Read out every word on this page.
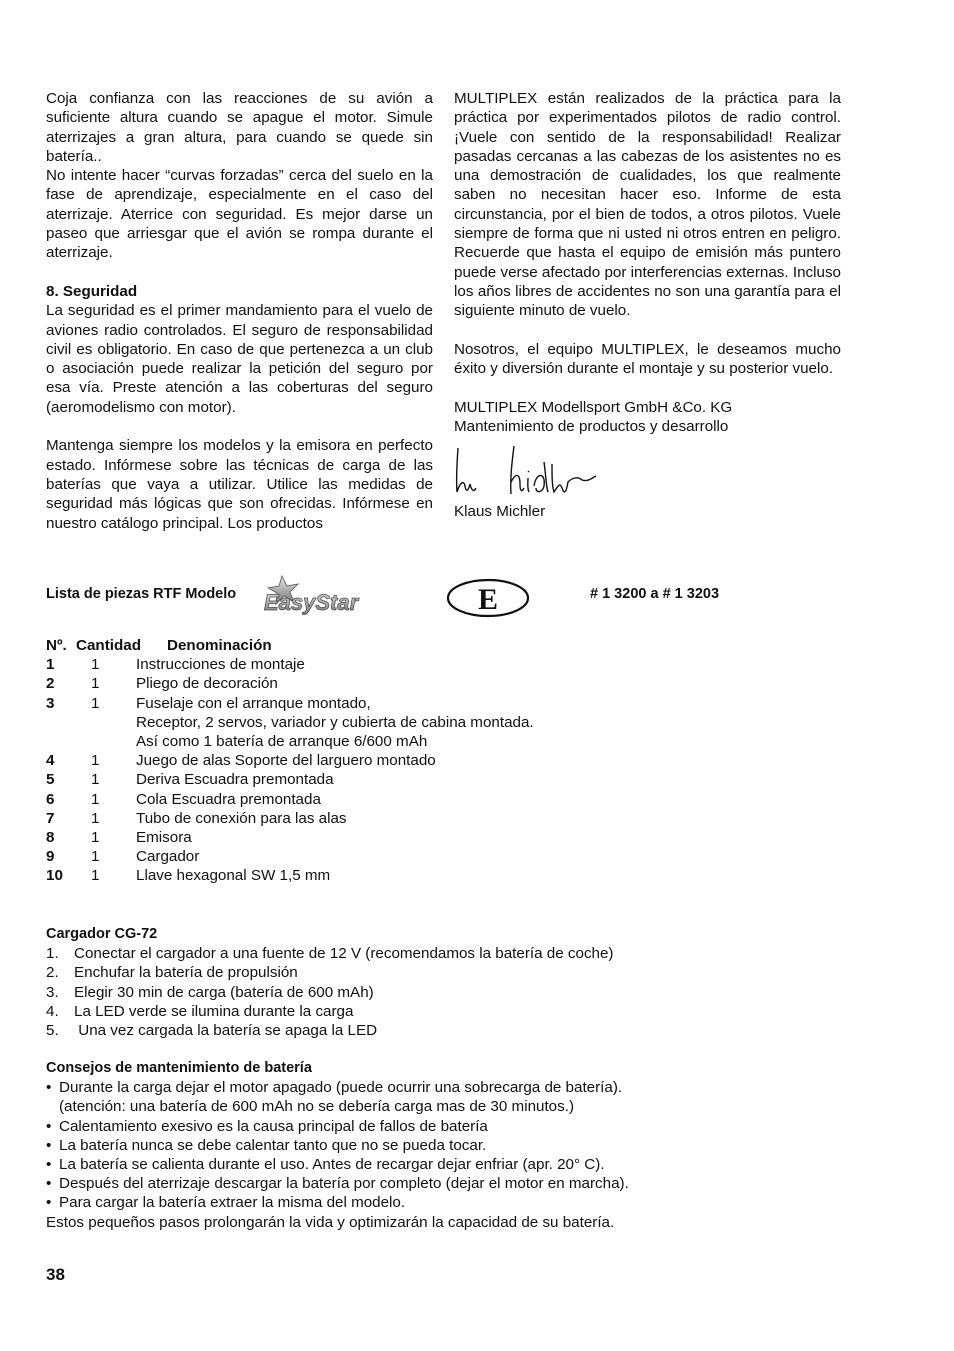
Coja confianza con las reacciones de su avión a suficiente altura cuando se apague el motor. Simule aterrizajes a gran altura, para cuando se quede sin batería..

No intente hacer “curvas forzadas” cerca del suelo en la fase de aprendizaje, especialmente en el caso del aterrizaje. Aterrice con seguridad. Es mejor darse un paseo que arriesgar que el avión se rompa durante el aterrizaje.

8. Seguridad

La seguridad es el primer mandamiento para el vuelo de aviones radio controlados. El seguro de responsabilidad civil es obligatorio. En caso de que pertenezca a un club o asociación puede realizar la petición del seguro por esa vía. Preste atención a las coberturas del seguro (aeromodelismo con motor).

Mantenga siempre los modelos y la emisora en perfecto estado. Infórmese sobre las técnicas de carga de las baterías que vaya a utilizar. Utilice las medidas de seguridad más lógicas que son ofrecidas. Infórmese en nuestro catálogo principal. Los productos

MULTIPLEX están realizados de la práctica para la práctica por experimentados pilotos de radio control. ¡Vuele con sentido de la responsabilidad! Realizar pasadas cercanas a las cabezas de los asistentes no es una demostración de cualidades, los que realmente saben no necesitan hacer eso. Informe de esta circunstancia, por el bien de todos, a otros pilotos. Vuele siempre de forma que ni usted ni otros entren en peligro. Recuerde que hasta el equipo de emisión más puntero puede verse afectado por interferencias externas. Incluso los años libres de accidentes no son una garantía para el siguiente minuto de vuelo.

Nosotros, el equipo MULTIPLEX, le deseamos mucho éxito y diversión durante el montaje y su posterior vuelo.

MULTIPLEX Modellsport GmbH &Co. KG

Mantenimiento de productos y desarrollo

Klaus Michler

Lista de piezas RTF Modelo EasyStar	E	# 1 3200 a # 1 3203
Nº. Cantidad	Denominación
1	1	Instrucciones de montaje
2	1	Pliego de decoración
3	1	Fuselaje con el arranque montado,
Receptor, 2 servos, variador y cubierta de cabina montada.
Así como 1 batería de arranque 6/600 mAh
4	1	Juego de alas Soporte del larguero montado
5	1	Deriva Escuadra premontada
6	1	Cola Escuadra premontada
7	1	Tubo de conexión para las alas
8	1	Emisora
9	1	Cargador
10	1	Llave hexagonal SW 1,5 mm
Cargador CG-72
1.	Conectar el cargador a una fuente de 12 V (recomendamos la batería de coche)
2.	Enchufar la batería de propulsión
3.	Elegir 30 min de carga (batería de 600 mAh)
4.	La LED verde se ilumina durante la carga
5.	Una vez cargada la batería se apaga la LED
Consejos de mantenimiento de batería
• Durante la carga dejar el motor apagado (puede ocurrir una sobrecarga de batería).
(atención: una batería de 600 mAh no se debería carga mas de 30 minutos.)
• Calentamiento exesivo es la causa principal de fallos de batería
• La batería nunca se debe calentar tanto que no se pueda tocar.
• La batería se calienta durante el uso. Antes de recargar dejar enfriar (apr. 20° C).
• Después del aterrizaje descargar la batería por completo (dejar el motor en marcha).
• Para cargar la batería extraer la misma del modelo.
Estos pequeños pasos prolongarán la vida y optimizarán la capacidad de su batería.
38
